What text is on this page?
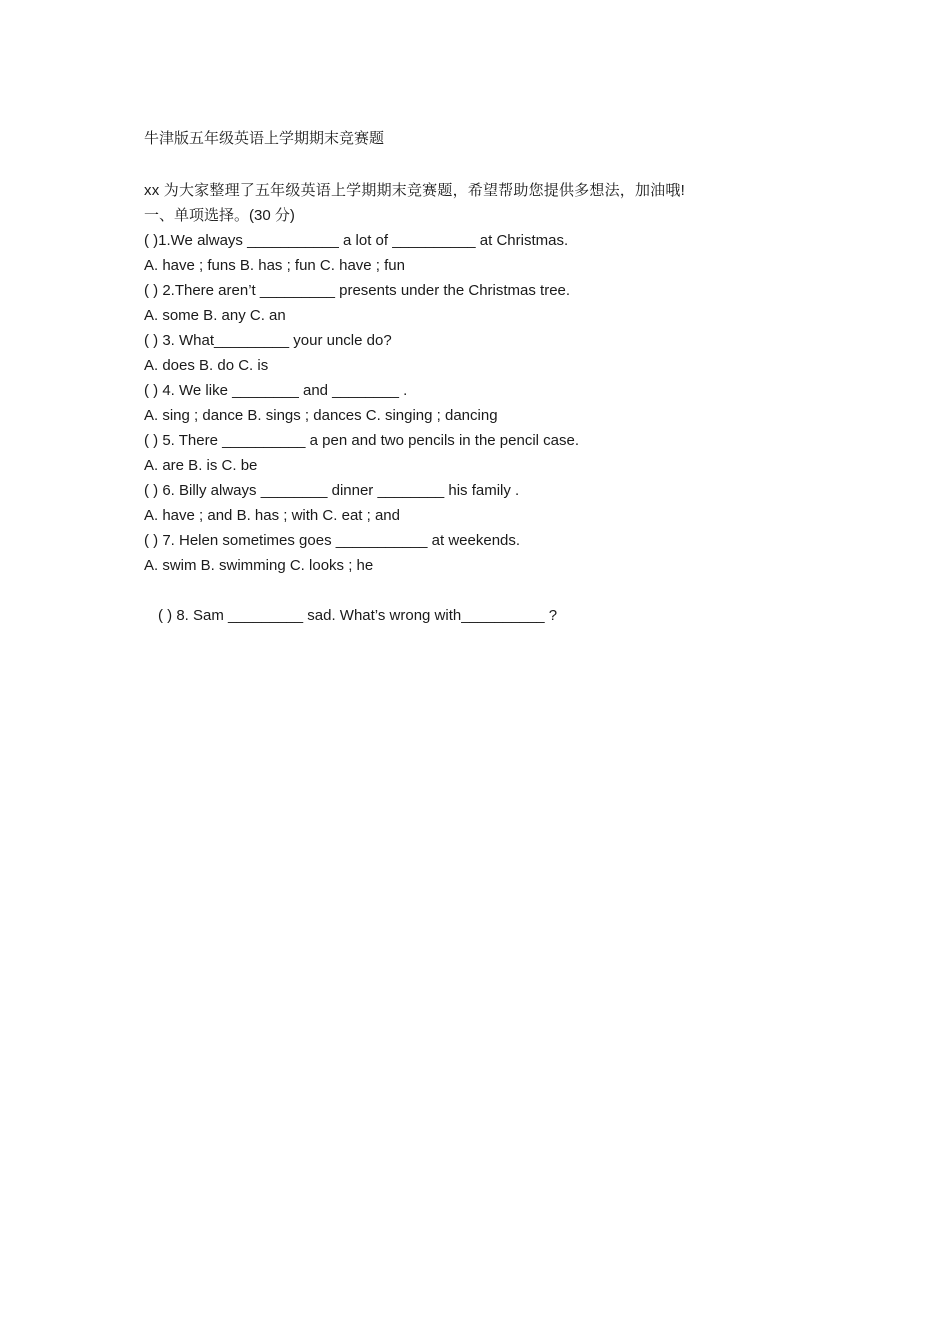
牛津版五年级英语上学期期末竞赛题
xx 为大家整理了五年级英语上学期期末竞赛题，希望帮助您提供多想法，加油哦!
一、单项选择。(30 分)
( )1.We always ___________ a lot of __________ at Christmas.
A. have ; funs B. has ; fun C. have ; fun
( ) 2.There aren’t _________ presents under the Christmas tree.
A. some B. any C. an
( ) 3. What_________ your uncle do?
A. does B. do C. is
( ) 4. We like ________ and ________ .
A. sing ; dance B. sings ; dances C. singing ; dancing
( ) 5. There __________ a pen and two pencils in the pencil case.
A. are B. is C. be
( ) 6. Billy always ________ dinner ________ his family .
A. have ; and B. has ; with C. eat ; and
( ) 7. Helen sometimes goes ___________ at weekends.
A. swim B. swimming C. looks ; he
( ) 8. Sam _________ sad. What’s wrong with__________ ?
